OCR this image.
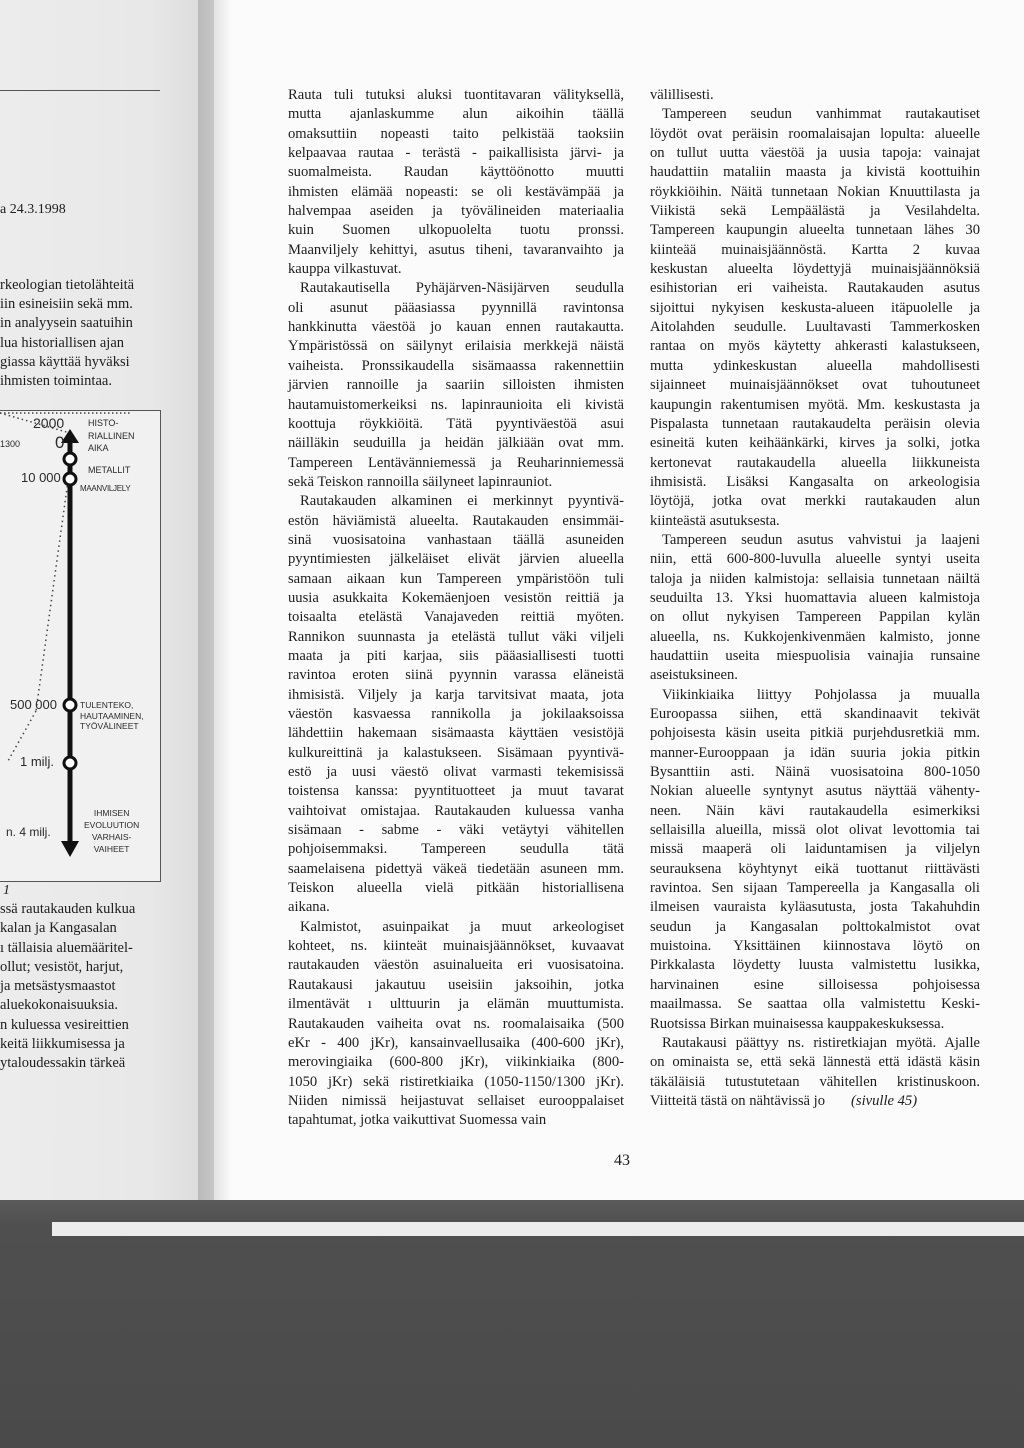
a 24.3.1998
rkeologian tietolähteitä
iin esineisiin sekä mm.
in analyysein saatuihin
lua historiallisen ajan
giassa käyttää hyväksi
ihmisten toimintaa.
2000
1300 0
10 000
500 000
1 milj.
n. 4 milj.
HISTO-
RIALLINEN
AIKA
METALLIT
MAANVILJELY
TULENTEKO,
HAUTAAMINEN,
TYÖVÄLINEET
IHMISEN
EVOLUUTION
VARHAIS-
VAIHEET
1
ssä rautakauden kulkua
kalan ja Kangasalan
ı tällaisia aluemääritel-
ollut; vesistöt, harjut,
ja metsästysmaastot
aluekokonaisuuksia.
n kuluessa vesireittien
keitä liikkumisessa ja
ytaloudessakin tärkeä
Rauta tuli tutuksi aluksi tuontitavaran välityksellä,
mutta ajanlaskumme alun aikoihin täällä
omaksuttiin nopeasti taito pelkistää taoksiin
kelpaavaa rautaa - terästä - paikallisista järvi- ja
suomalmeista. Raudan käyttöönotto muutti
ihmisten elämää nopeasti: se oli kestävämpää ja
halvempaa aseiden ja työvälineiden materiaalia
kuin Suomen ulkopuolelta tuotu pronssi.
Maanviljely kehittyi, asutus tiheni, tavaranvaihto ja
kauppa vilkastuvat.
Rautakautisella Pyhäjärven-Näsijärven seudulla
oli asunut pääasiassa pyynnillä ravintonsa
hankkinutta väestöä jo kauan ennen rautakautta.
Ympäristössä on säilynyt erilaisia merkkejä näistä
vaiheista. Pronssikaudella sisämaassa rakennettiin
järvien rannoille ja saariin silloisten ihmisten
hautamuistomerkeiksi ns. lapinraunioita eli kivistä
koottuja röykkiöitä. Tätä pyyntiväestöä asui
näilläkin seuduilla ja heidän jälkiään ovat mm.
Tampereen Lentävänniemessä ja Reuharinniemessä
sekä Teiskon rannoilla säilyneet lapinrauniot.
Rautakauden alkaminen ei merkinnyt pyyntivä-
estön häviämistä alueelta. Rautakauden ensimmäi-
sinä vuosisatoina vanhastaan täällä asuneiden
pyyntimiesten jälkeläiset elivät järvien alueella
samaan aikaan kun Tampereen ympäristöön tuli
uusia asukkaita Kokemäenjoen vesistön reittiä ja
toisaalta etelästä Vanajaveden reittiä myöten.
Rannikon suunnasta ja etelästä tullut väki viljeli
maata ja piti karjaa, siis pääasiallisesti tuotti
ravintoa eroten siinä pyynnin varassa eläneistä
ihmisistä. Viljely ja karja tarvitsivat maata, jota
väestön kasvaessa rannikolla ja jokilaaksoissa
lähdettiin hakemaan sisämaasta käyttäen vesistöjä
kulkureittinä ja kalastukseen. Sisämaan pyyntivä-
estö ja uusi väestö olivat varmasti tekemisissä
toistensa kanssa: pyyntituotteet ja muut tavarat
vaihtoivat omistajaa. Rautakauden kuluessa vanha
sisämaan - sabme - väki vetäytyi vähitellen
pohjoisemmaksi. Tampereen seudulla tätä
saamelaisena pidettyä väkeä tiedetään asuneen mm.
Teiskon alueella vielä pitkään historiallisena
aikana.
Kalmistot, asuinpaikat ja muut arkeologiset
kohteet, ns. kiinteät muinaisjäännökset, kuvaavat
rautakauden väestön asuinalueita eri vuosisatoina.
Rautakausi jakautuu useisiin jaksoihin, jotka
ilmentävät ı ulttuurin ja elämän muuttumista.
Rautakauden vaiheita ovat ns. roomalaisaika (500
eKr - 400 jKr), kansainvaellusaika (400-600 jKr),
merovingiaika (600-800 jKr), viikinkiaika (800-
1050 jKr) sekä ristiretkiaika (1050-1150/1300 jKr).
Niiden nimissä heijastuvat sellaiset eurooppalaiset
tapahtumat, jotka vaikuttivat Suomessa vain
välillisesti.
Tampereen seudun vanhimmat rautakautiset
löydöt ovat peräisin roomalaisajan lopulta: alueelle
on tullut uutta väestöä ja uusia tapoja: vainajat
haudattiin mataliin maasta ja kivistä koottuihin
röykkiöihin. Näitä tunnetaan Nokian Knuuttilasta ja
Viikistä sekä Lempäälästä ja Vesilahdelta.
Tampereen kaupungin alueelta tunnetaan lähes 30
kiinteää muinaisjäännöstä. Kartta 2 kuvaa
keskustan alueelta löydettyjä muinaisjäännöksiä
esihistorian eri vaiheista. Rautakauden asutus
sijoittui nykyisen keskusta-alueen itäpuolelle ja
Aitolahden seudulle. Luultavasti Tammerkosken
rantaa on myös käytetty ahkerasti kalastukseen,
mutta ydinkeskustan alueella mahdollisesti
sijainneet muinaisjäännökset ovat tuhoutuneet
kaupungin rakentumisen myötä. Mm. keskustasta ja
Pispalasta tunnetaan rautakaudelta peräisin olevia
esineitä kuten keihäänkärki, kirves ja solki, jotka
kertonevat rautakaudella alueella liikkuneista
ihmisistä. Lisäksi Kangasalta on arkeologisia
löytöjä, jotka ovat merkki rautakauden alun
kiinteästä asutuksesta.
Tampereen seudun asutus vahvistui ja laajeni
niin, että 600-800-luvulla alueelle syntyi useita
taloja ja niiden kalmistoja: sellaisia tunnetaan näiltä
seuduilta 13. Yksi huomattavia alueen kalmistoja
on ollut nykyisen Tampereen Pappilan kylän
alueella, ns. Kukkojenkivenmäen kalmisto, jonne
haudattiin useita miespuolisia vainajia runsaine
aseistuksineen.
Viikinkiaika liittyy Pohjolassa ja muualla
Euroopassa siihen, että skandinaavit tekivät
pohjoisesta käsin useita pitkiä purjehdusretkiä mm.
manner-Eurooppaan ja idän suuria jokia pitkin
Bysanttiin asti. Näinä vuosisatoina 800-1050
Nokian alueelle syntynyt asutus näyttää vähenty-
neen. Näin kävi rautakaudella esimerkiksi
sellaisilla alueilla, missä olot olivat levottomia tai
missä maaperä oli laiduntamisen ja viljelyn
seurauksena köyhtynyt eikä tuottanut riittävästi
ravintoa. Sen sijaan Tampereella ja Kangasalla oli
ilmeisen vauraista kyläasutusta, josta Takahuhdin
seudun ja Kangasalan polttokalmistot ovat
muistoina. Yksittäinen kiinnostava löytö on
Pirkkalasta löydetty luusta valmistettu lusikka,
harvinainen esine silloisessa pohjoisessa
maailmassa. Se saattaa olla valmistettu Keski-
Ruotsissa Birkan muinaisessa kauppakeskuksessa.
Rautakausi päättyy ns. ristiretkiajan myötä. Ajalle
on ominaista se, että sekä lännestä että idästä käsin
täkäläisiä tutustutetaan vähitellen kristinuskoon.
Viitteitä tästä on nähtävissä jo (sivulle 45)
43
